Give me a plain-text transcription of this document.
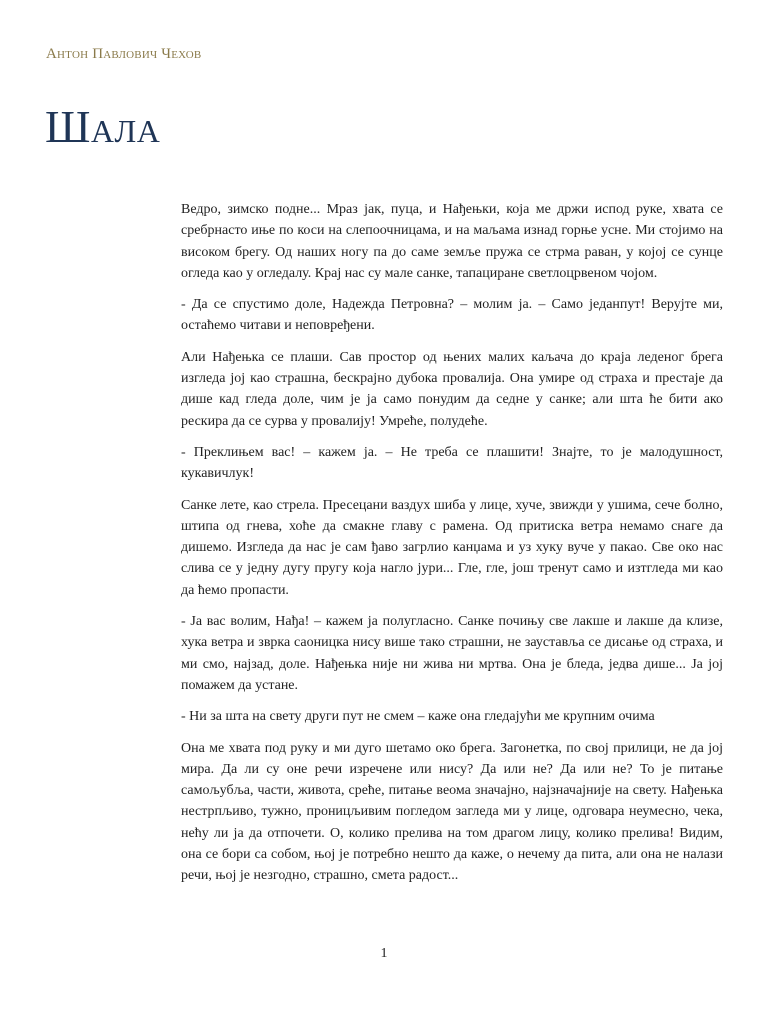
Антон Павлович Чехов
Шала

Ведро, зимско подне... Мраз јак, пуца, и Нађењки, која ме држи испод руке, хвата се сребрнасто иње по коси на слепоочницама, и на маљама изнад горње усне. Ми стојимо на високом брегу. Од наших ногу па до саме земље пружа се стрма раван, у којој се сунце огледа као у огледалу. Крај нас су мале санке, тапациране светлоцрвеном чојом.

- Да се спустимо доле, Надежда Петровна? – молим ја. – Само једанпут! Верујте ми, остаћемо читави и неповређени.

Али Нађењка се плаши. Сав простор од њених малих каљача до краја леденог брега изгледа јој као страшна, бескрајно дубока провалија. Она умире од страха и престаје да дише кад гледа доле, чим је ја само понудим да седне у санке; али шта ће бити ако рескира да се сурва у провалију! Умреће, полудеће.

- Преклињем вас! – кажем ја. – Не треба се плашити! Знајте, то је малодушност, кукавичлук!

Санке лете, као стрела. Пресецани ваздух шиба у лице, хуче, звижди у ушима, сече болно, штипа од гнева, хоће да смакне главу с рамена. Од притиска ветра немамо снаге да дишемо. Изгледа да нас је сам ђаво загрлио канџама и уз хуку вуче у пакао. Све око нас слива се у једну дугу пругу која нагло јури... Гле, гле, још тренут само и изтгледа ми као да ћемо пропасти.

- Ја вас волим, Нађа! – кажем ја полугласно. Санке почињу све лакше и лакше да клизе, хука ветра и зврка саоницка нису више тако страшни, не зауставља се дисање од страха, и ми смо, најзад, доле. Нађењка није ни жива ни мртва. Она је бледа, једва дише... Ја јој помажем да устане.

- Ни за шта на свету други пут не смем – каже она гледајући ме крупним очима

Она ме хвата под руку и ми дуго шетамо око брега. Загонетка, по свој прилици, не да јој мира. Да ли су оне речи изречене или нису? Да или не? Да или не? То је питање самољубља, части, живота, среће, питање веома значајно, најзначајније на свету. Нађењка нестрпљиво, тужно, проницљивим погледом загледа ми у лице, одговара неумесно, чека, нећу ли ја да отпочети. О, колико прелива на том драгом лицу, колико прелива! Видим, она се бори са собом, њој је потребно нешто да каже, о нечему да пита, али она не налази речи, њој је незгодно, страшно, смета радост...

1
